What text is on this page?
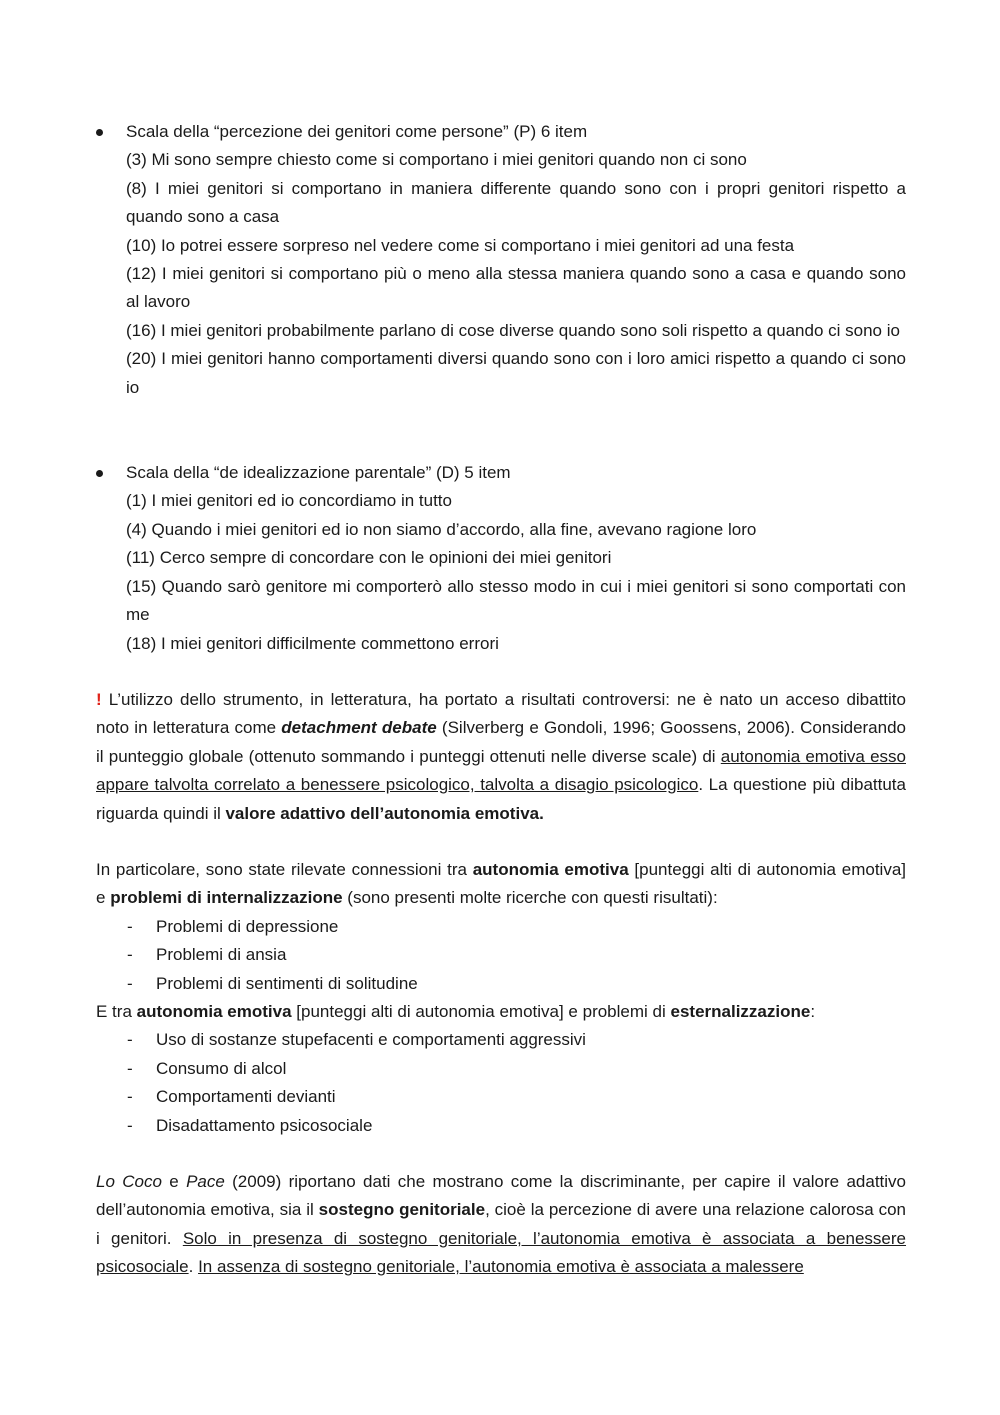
Scala della “percezione dei genitori come persone” (P) 6 item
(3) Mi sono sempre chiesto come si comportano i miei genitori quando non ci sono
(8) I miei genitori si comportano in maniera differente quando sono con i propri genitori rispetto a quando sono a casa
(10) Io potrei essere sorpreso nel vedere come si comportano i miei genitori ad una festa
(12) I miei genitori si comportano più o meno alla stessa maniera quando sono a casa e quando sono al lavoro
(16) I miei genitori probabilmente parlano di cose diverse quando sono soli rispetto a quando ci sono io
(20) I miei genitori hanno comportamenti diversi quando sono con i loro amici rispetto a quando ci sono io
Scala della “de idealizzazione parentale” (D) 5 item
(1) I miei genitori ed io concordiamo in tutto
(4) Quando i miei genitori ed io non siamo d’accordo, alla fine, avevano ragione loro
(11) Cerco sempre di concordare con le opinioni dei miei genitori
(15) Quando sarò genitore mi comporterò allo stesso modo in cui i miei genitori si sono comportati con me
(18) I miei genitori difficilmente commettono errori

! L’utilizzo dello strumento, in letteratura, ha portato a risultati controversi: ne è nato un acceso dibattito noto in letteratura come detachment debate (Silverberg e Gondoli, 1996; Goossens, 2006). Considerando il punteggio globale (ottenuto sommando i punteggi ottenuti nelle diverse scale) di autonomia emotiva esso appare talvolta correlato a benessere psicologico, talvolta a disagio psicologico. La questione più dibattuta riguarda quindi il valore adattivo dell’autonomia emotiva.

In particolare, sono state rilevate connessioni tra autonomia emotiva [punteggi alti di autonomia emotiva] e problemi di internalizzazione (sono presenti molte ricerche con questi risultati):

- Problemi di depressione
- Problemi di ansia
- Problemi di sentimenti di solitudine

E tra autonomia emotiva [punteggi alti di autonomia emotiva] e problemi di esternalizzazione:

- Uso di sostanze stupefacenti e comportamenti aggressivi
- Consumo di alcol
- Comportamenti devianti
- Disadattamento psicosociale

Lo Coco e Pace (2009) riportano dati che mostrano come la discriminante, per capire il valore adattivo dell’autonomia emotiva, sia il sostegno genitoriale, cioè la percezione di avere una relazione calorosa con i genitori. Solo in presenza di sostegno genitoriale, l’autonomia emotiva è associata a benessere psicosociale. In assenza di sostegno genitoriale, l’autonomia emotiva è associata a malessere
